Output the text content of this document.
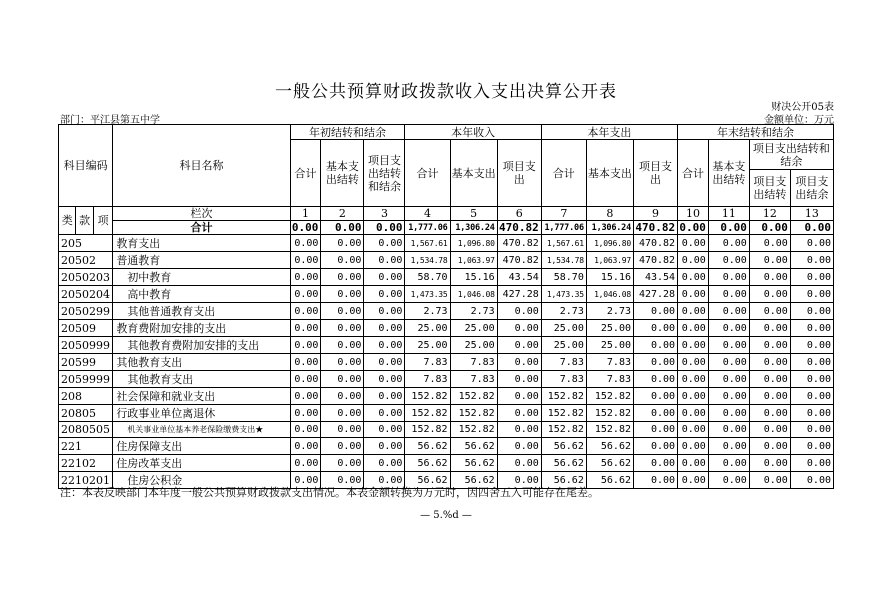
一般公共预算财政拨款收入支出决算公开表
财决公开05表
金额单位：万元
部门：平江县第五中学
科目编码			科目名称	年初结转和结余			本年收入			本年支出			年末结转和结余			
				合计	基本支出结转	项目支出结转和结余	合计	基本支出	项目支出	合计	基本支出	项目支出	合计	基本支出结转	项目支出结转和结余	
															项目支出结转	项目支出结余
类	款	项	栏次	1	2	3	4	5	6	7	8	9	10	11	12	13
			合计	0.00	0.00	0.00	1,777.06	1,306.24	470.82	1,777.06	1,306.24	470.82	0.00	0.00	0.00	0.00
205			教育支出	0.00	0.00	0.00	1,567.61	1,096.80	470.82	1,567.61	1,096.80	470.82	0.00	0.00	0.00	0.00
20502			普通教育	0.00	0.00	0.00	1,534.78	1,063.97	470.82	1,534.78	1,063.97	470.82	0.00	0.00	0.00	0.00
2050203			初中教育	0.00	0.00	0.00	58.70	15.16	43.54	58.70	15.16	43.54	0.00	0.00	0.00	0.00
2050204			高中教育	0.00	0.00	0.00	1,473.35	1,046.08	427.28	1,473.35	1,046.08	427.28	0.00	0.00	0.00	0.00
2050299			其他普通教育支出	0.00	0.00	0.00	2.73	2.73	0.00	2.73	2.73	0.00	0.00	0.00	0.00	0.00
20509			教育费附加安排的支出	0.00	0.00	0.00	25.00	25.00	0.00	25.00	25.00	0.00	0.00	0.00	0.00	0.00
2050999			其他教育费附加安排的支出	0.00	0.00	0.00	25.00	25.00	0.00	25.00	25.00	0.00	0.00	0.00	0.00	0.00
20599			其他教育支出	0.00	0.00	0.00	7.83	7.83	0.00	7.83	7.83	0.00	0.00	0.00	0.00	0.00
2059999			其他教育支出	0.00	0.00	0.00	7.83	7.83	0.00	7.83	7.83	0.00	0.00	0.00	0.00	0.00
208			社会保障和就业支出	0.00	0.00	0.00	152.82	152.82	0.00	152.82	152.82	0.00	0.00	0.00	0.00	0.00
20805			行政事业单位离退休	0.00	0.00	0.00	152.82	152.82	0.00	152.82	152.82	0.00	0.00	0.00	0.00	0.00
2080505			机关事业单位基本养老保险缴费支出★	0.00	0.00	0.00	152.82	152.82	0.00	152.82	152.82	0.00	0.00	0.00	0.00	0.00
221			住房保障支出	0.00	0.00	0.00	56.62	56.62	0.00	56.62	56.62	0.00	0.00	0.00	0.00	0.00
22102			住房改革支出	0.00	0.00	0.00	56.62	56.62	0.00	56.62	56.62	0.00	0.00	0.00	0.00	0.00
2210201			住房公积金	0.00	0.00	0.00	56.62	56.62	0.00	56.62	56.62	0.00	0.00	0.00	0.00	0.00
注：本表反映部门本年度一般公共预算财政拨款支出情况。本表金额转换为万元时，因四舍五入可能存在尾差。
— 5.%d —
